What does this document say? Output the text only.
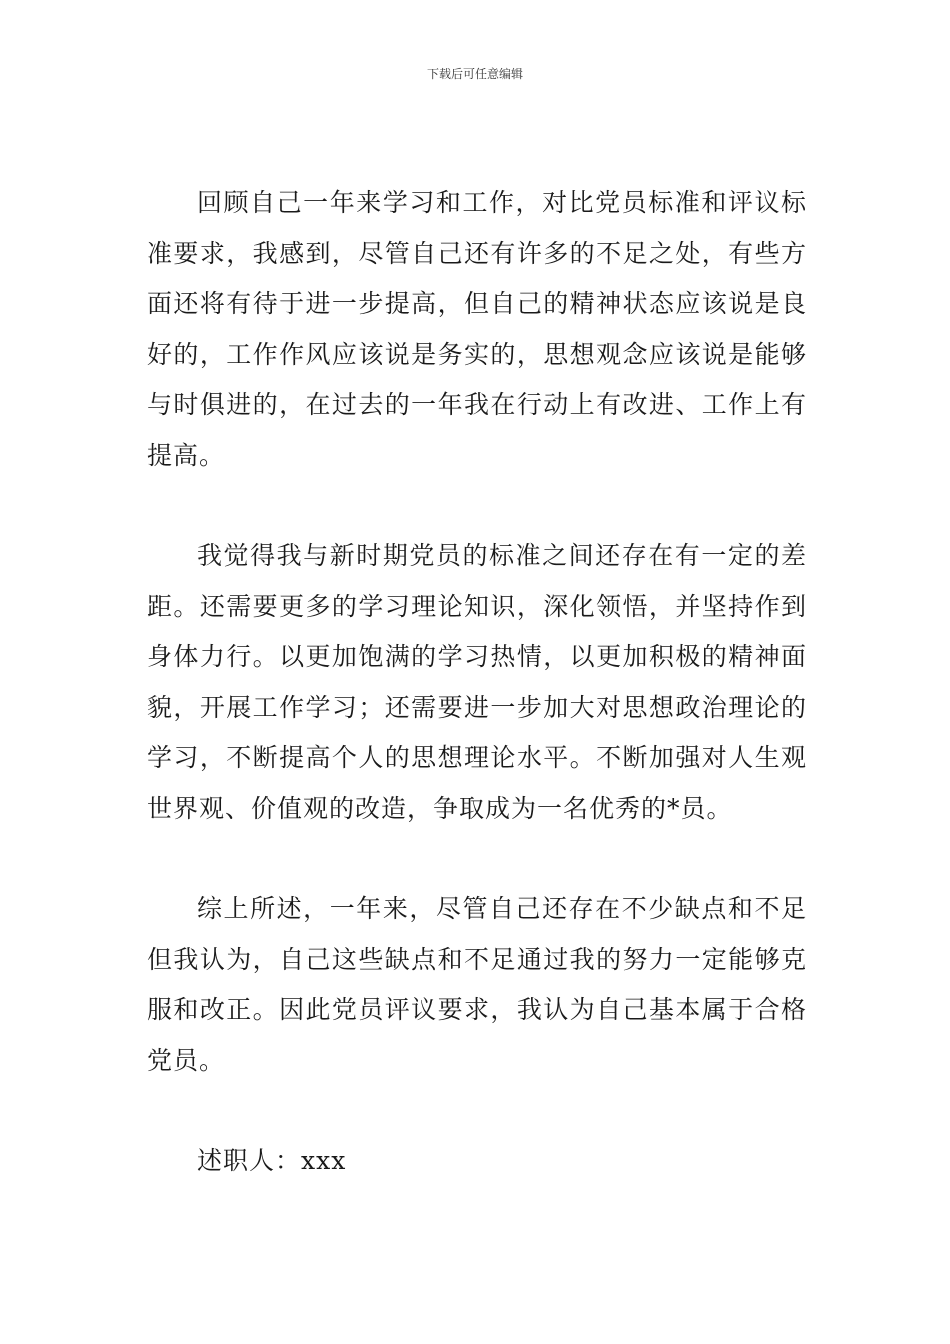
下载后可任意编辑

回顾自己一年来学习和工作，对比党员标准和评议标准要求，我感到，尽管自己还有许多的不足之处，有些方面还将有待于进一步提高，但自己的精神状态应该说是良好的，工作作风应该说是务实的，思想观念应该说是能够与时俱进的，在过去的一年我在行动上有改进、工作上有提高。

我觉得我与新时期党员的标准之间还存在有一定的差距。还需要更多的学习理论知识，深化领悟，并坚持作到身体力行。以更加饱满的学习热情，以更加积极的精神面貌，开展工作学习；还需要进一步加大对思想政治理论的学习，不断提高个人的思想理论水平。不断加强对人生观世界观、价值观的改造，争取成为一名优秀的*员。

综上所述，一年来，尽管自己还存在不少缺点和不足但我认为，自己这些缺点和不足通过我的努力一定能够克服和改正。因此党员评议要求，我认为自己基本属于合格党员。

述职人：xxx
